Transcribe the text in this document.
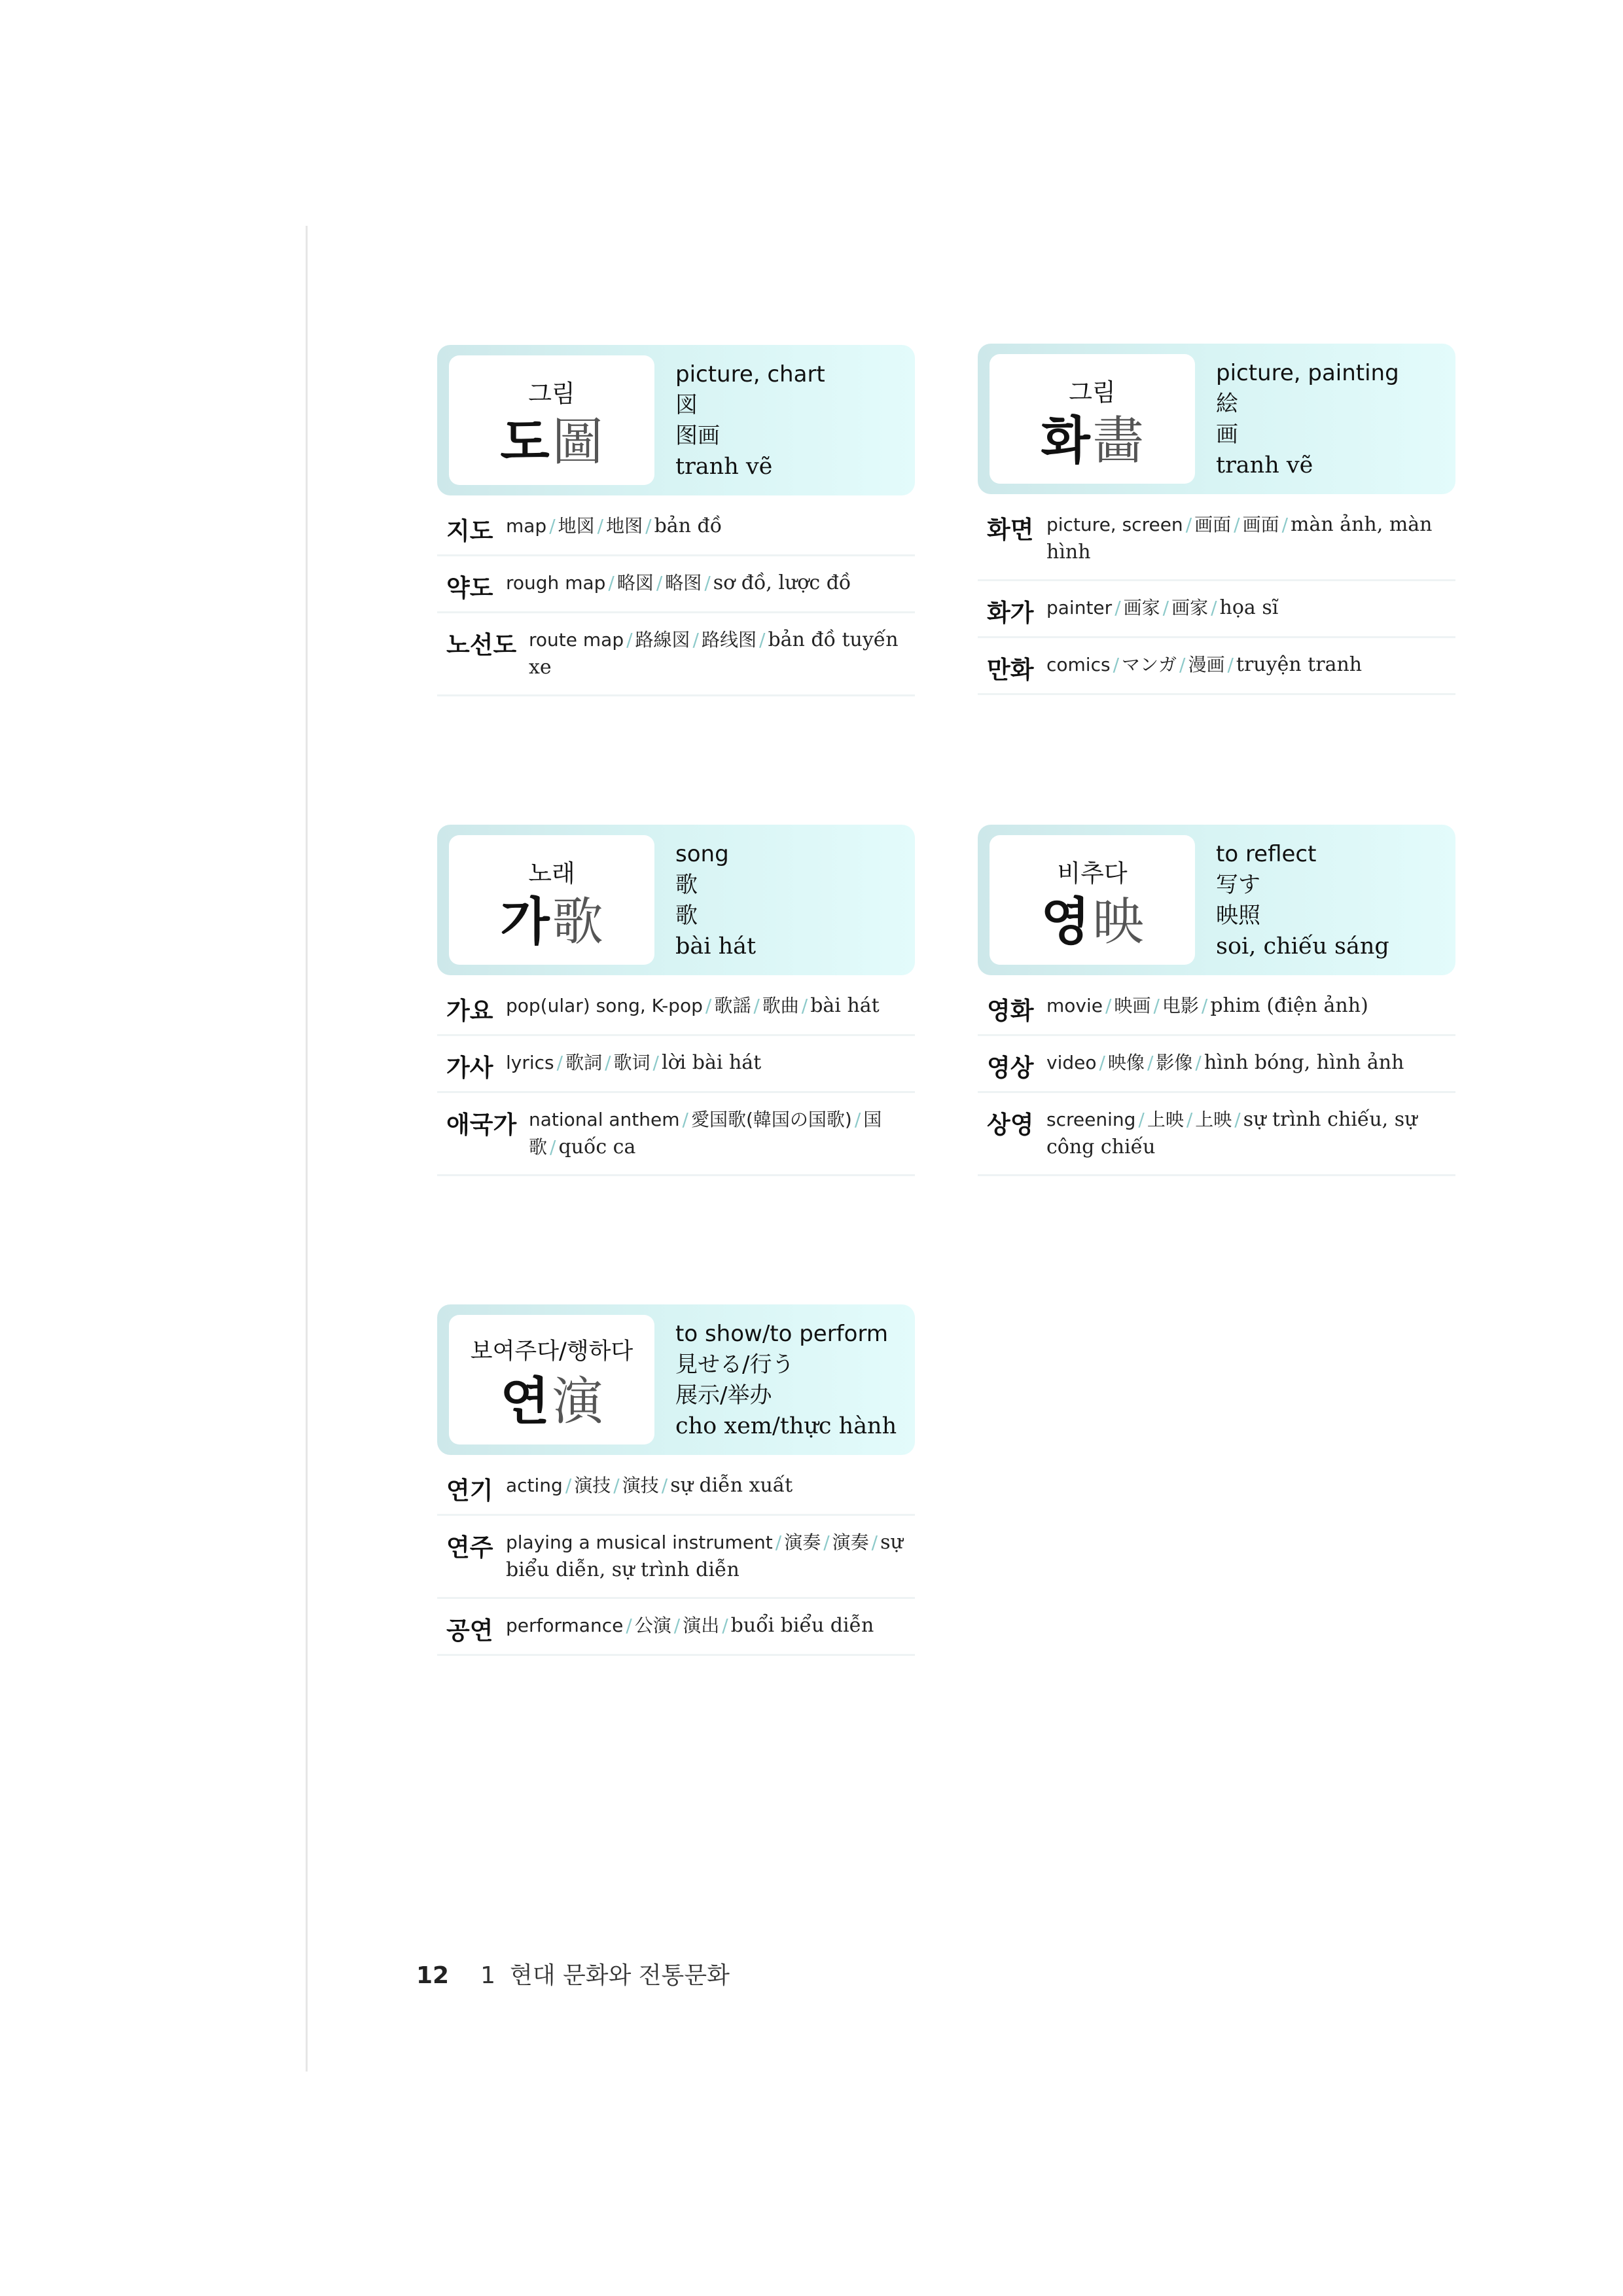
그림
도圖
picture, chart
図
图画
tranh vẽ
지도 map / 地図 / 地图 / bản đồ
약도 rough map / 略図 / 略图 / sơ đồ, lược đồ
노선도 route map / 路線図 / 路线图 / bản đồ tuyến xe
그림
화畵
picture, painting
絵
画
tranh vẽ
화면 picture, screen / 画面 / 画面 / màn ảnh, màn hình
화가 painter / 画家 / 画家 / họa sĩ
만화 comics / マンガ / 漫画 / truyện tranh
노래
가歌
song
歌
歌
bài hát
가요 pop(ular) song, K-pop / 歌謡 / 歌曲 / bài hát
가사 lyrics / 歌詞 / 歌词 / lời bài hát
애국가 national anthem / 愛国歌(韓国の国歌) / 国歌 / quốc ca
비추다
영映
to reflect
写す
映照
soi, chiếu sáng
영화 movie / 映画 / 电影 / phim (điện ảnh)
영상 video / 映像 / 影像 / hình bóng, hình ảnh
상영 screening / 上映 / 上映 / sự trình chiếu, sự công chiếu
보여주다/행하다
연演
to show/to perform
見せる/行う
展示/举办
cho xem/thực hành
연기 acting / 演技 / 演技 / sự diễn xuất
연주 playing a musical instrument / 演奏 / 演奏 / sự biểu diễn, sự trình diễn
공연 performance / 公演 / 演出 / buổi biểu diễn
12 1 현대 문화와 전통문화
